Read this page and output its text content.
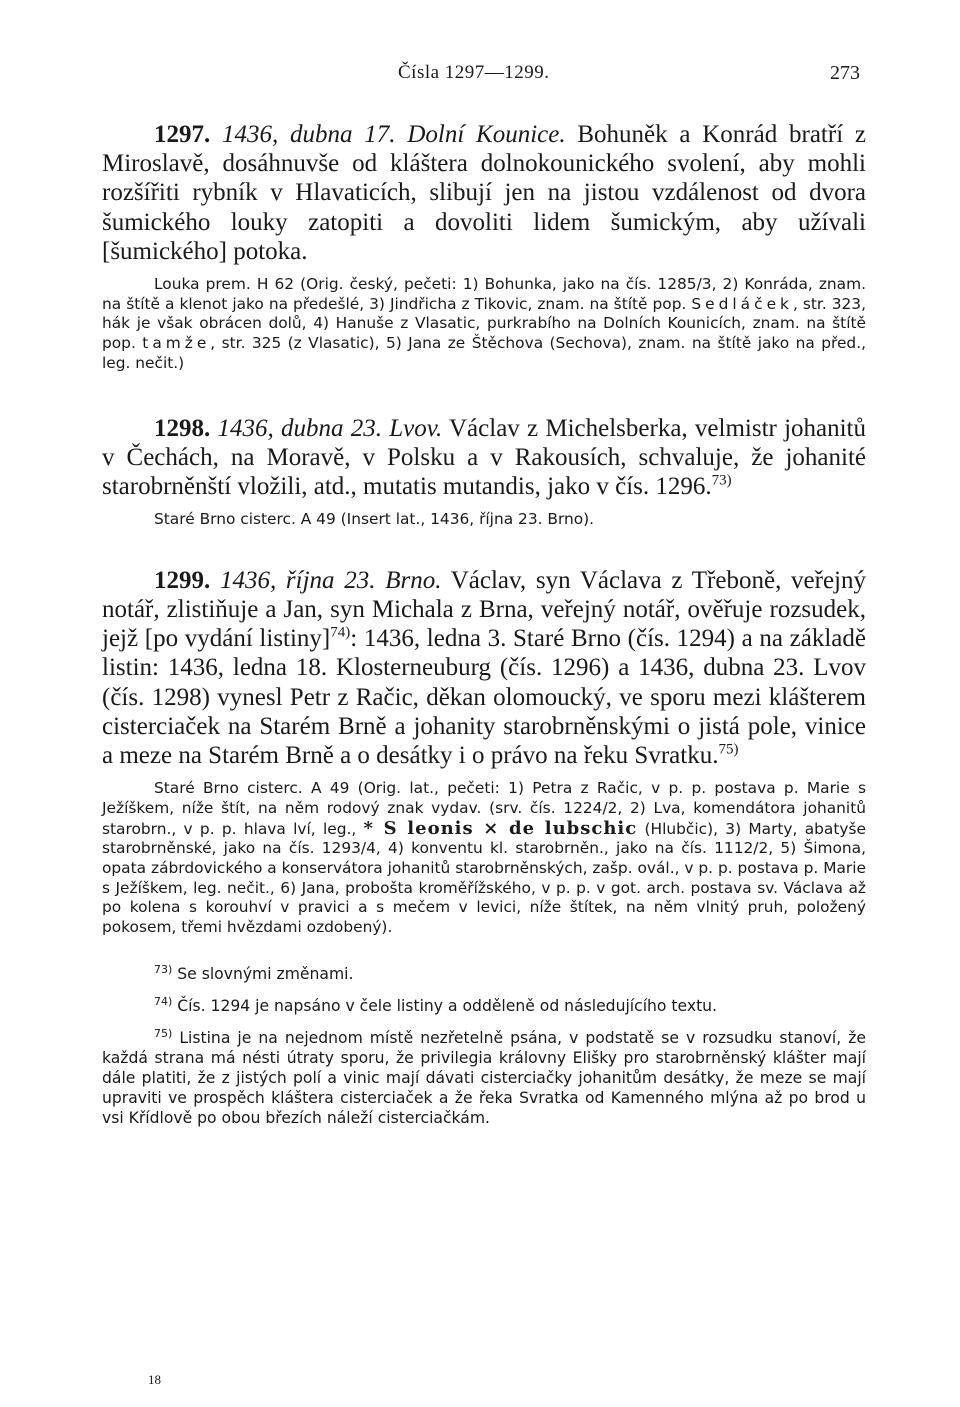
Čísla 1297—1299.	273

1297. 1436, dubna 17. Dolní Kounice. Bohuněk a Konrád bratří z Miroslavě, dosáhnuvše od kláštera dolnokounického svolení, aby mohli rozšířiti rybník v Hlavaticích, slibují jen na jistou vzdálenost od dvora šumického louky zatopiti a dovoliti lidem šumickým, aby užívali [šumického] potoka.

Louka prem. H 62 (Orig. český, pečeti: 1) Bohunka, jako na čís. 1285/3, 2) Konráda, znam. na štítě a klenot jako na předešlé, 3) Jindřicha z Tikovic, znam. na štítě pop. Sedláček, str. 323, hák je však obrácen dolů, 4) Hanuše z Vlasatic, purkrabího na Dolních Kounicích, znam. na štítě pop. tamže, str. 325 (z Vlasatic), 5) Jana ze Štěchova (Sechova), znam. na štítě jako na před., leg. nečit.)

1298. 1436, dubna 23. Lvov. Václav z Michelsberka, velmistr johanitů v Čechách, na Moravě, v Polsku a v Rakousích, schvaluje, že johanité starobrněnští vložili, atd., mutatis mutandis, jako v čís. 1296.$^{73)}$

Staré Brno cisterc. A 49 (Insert lat., 1436, října 23. Brno).

1299. 1436, října 23. Brno. Václav, syn Václava z Třeboně, veřejný notář, zlistiňuje a Jan, syn Michala z Brna, veřejný notář, ověřuje rozsudek, jejž [po vydání listiny]$^{74)}$: 1436, ledna 3. Staré Brno (čís. 1294) a na základě listin: 1436, ledna 18. Klosterneuburg (čís. 1296) a 1436, dubna 23. Lvov (čís. 1298) vynesl Petr z Račic, děkan olomoucký, ve sporu mezi klášterem cisterciaček na Starém Brně a johanity starobrněnskými o jistá pole, vinice a meze na Starém Brně a o desátky i o právo na řeku Svratku.$^{75)}$

Staré Brno cisterc. A 49 (Orig. lat., pečeti: 1) Petra z Račic, v p. p. postava p. Marie s Ježíškem, níže štít, na něm rodový znak vydav. (srv. čís. 1224/2, 2) Lva, komendátora johanitů starobrn., v p. p. hlava lví, leg., * S leonis × de lubschic (Hlubčic), 3) Marty, abatyše starobrněnské, jako na čís. 1293/4, 4) konventu kl. starobrněn., jako na čís. 1112/2, 5) Šimona, opata zábrdovického a konservátora johanitů starobrněnských, zašp. ovál., v p. p. postava p. Marie s Ježíškem, leg. nečit., 6) Jana, probošta kroměřížského, v p. p. v got. arch. postava sv. Václava až po kolena s korouhví v pravici a s mečem v levici, níže štítek, na něm vlnitý pruh, položený pokosem, třemi hvězdami ozdobený).

$^{73)}$ Se slovnými změnami.

$^{74)}$ Čís. 1294 je napsáno v čele listiny a odděleně od následujícího textu.

$^{75)}$ Listina je na nejednom místě nezřetelně psána, v podstatě se v rozsudku stanoví, že každá strana má nésti útraty sporu, že privilegia královny Elišky pro starobrněnský klášter mají dále platiti, že z jistých polí a vinic mají dávati cisterciačky johanitům desátky, že meze se mají upraviti ve prospěch kláštera cisterciaček a že řeka Svratka od Kamenného mlýna až po brod u vsi Křídlově po obou březích náleží cisterciačkám.

18
